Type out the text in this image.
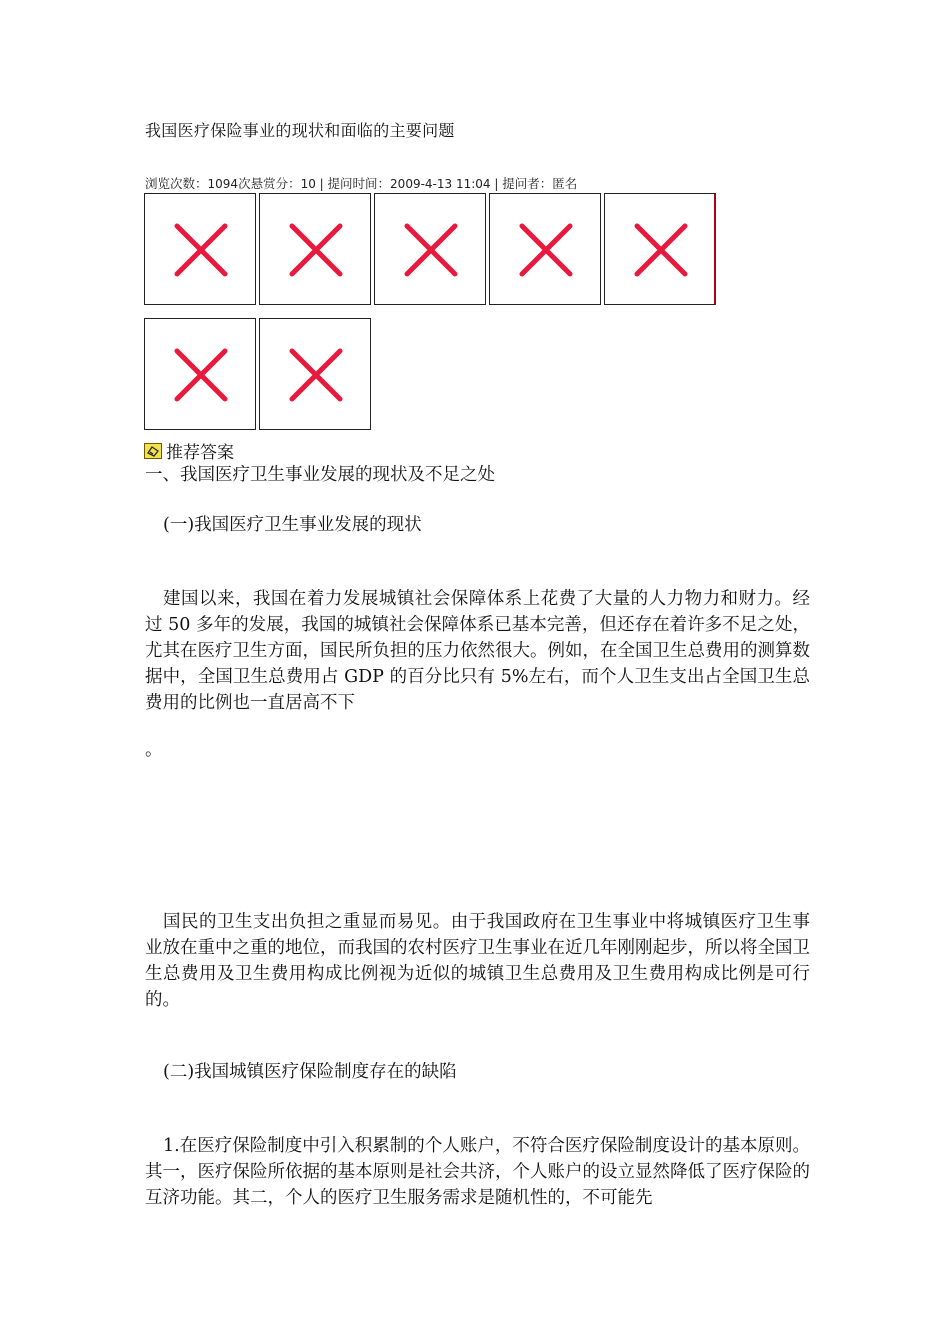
我国医疗保险事业的现状和面临的主要问题
浏览次数：1094次悬赏分：10 | 提问时间：2009-4-13 11:04 | 提问者：匿名
推荐答案
一、我国医疗卫生事业发展的现状及不足之处
(一)我国医疗卫生事业发展的现状
建国以来，我国在着力发展城镇社会保障体系上花费了大量的人力物力和财力。经过 50 多年的发展，我国的城镇社会保障体系已基本完善，但还存在着许多不足之处，尤其在医疗卫生方面，国民所负担的压力依然很大。例如，在全国卫生总费用的测算数据中，全国卫生总费用占 GDP 的百分比只有 5%左右，而个人卫生支出占全国卫生总费用的比例也一直居高不下
。
国民的卫生支出负担之重显而易见。由于我国政府在卫生事业中将城镇医疗卫生事业放在重中之重的地位，而我国的农村医疗卫生事业在近几年刚刚起步，所以将全国卫生总费用及卫生费用构成比例视为近似的城镇卫生总费用及卫生费用构成比例是可行的。
(二)我国城镇医疗保险制度存在的缺陷
1.在医疗保险制度中引入积累制的个人账户，不符合医疗保险制度设计的基本原则。其一，医疗保险所依据的基本原则是社会共济，个人账户的设立显然降低了医疗保险的互济功能。其二，个人的医疗卫生服务需求是随机性的，不可能先
